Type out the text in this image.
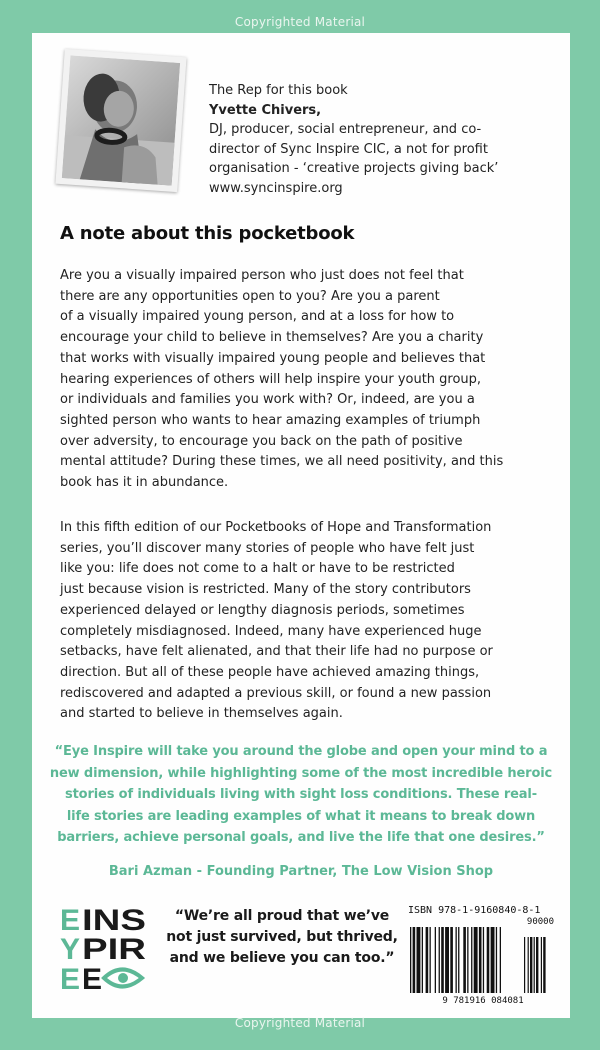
Copyrighted Material
The Rep for this book
Yvette Chivers,
DJ, producer, social entrepreneur, and co-
director of Sync Inspire CIC, a not for profit
organisation - ‘creative projects giving back’
www.syncinspire.org
A note about this pocketbook

Are you a visually impaired person who just does not feel that
there are any opportunities open to you? Are you a parent
of a visually impaired young person, and at a loss for how to
encourage your child to believe in themselves? Are you a charity
that works with visually impaired young people and believes that
hearing experiences of others will help inspire your youth group,
or individuals and families you work with? Or, indeed, are you a
sighted person who wants to hear amazing examples of triumph
over adversity, to encourage you back on the path of positive
mental attitude? During these times, we all need positivity, and this
book has it in abundance.

In this fifth edition of our Pocketbooks of Hope and Transformation
series, you’ll discover many stories of people who have felt just
like you: life does not come to a halt or have to be restricted
just because vision is restricted. Many of the story contributors
experienced delayed or lengthy diagnosis periods, sometimes
completely misdiagnosed. Indeed, many have experienced huge
setbacks, have felt alienated, and that their life had no purpose or
direction. But all of these people have achieved amazing things,
rediscovered and adapted a previous skill, or found a new passion
and started to believe in themselves again.

“Eye Inspire will take you around the globe and open your mind to a
new dimension, while highlighting some of the most incredible heroic
stories of individuals living with sight loss conditions. These real-
life stories are leading examples of what it means to break down
barriers, achieve personal goals, and live the life that one desires.”

Bari Azman - Founding Partner, The Low Vision Shop
E
Y
E
INS
PIR
E
“We’re all proud that we’ve
not just survived, but thrived,
and we believe you can too.”
ISBN 978-1-9160840-8-1
90000
9 781916 084081
Copyrighted Material
